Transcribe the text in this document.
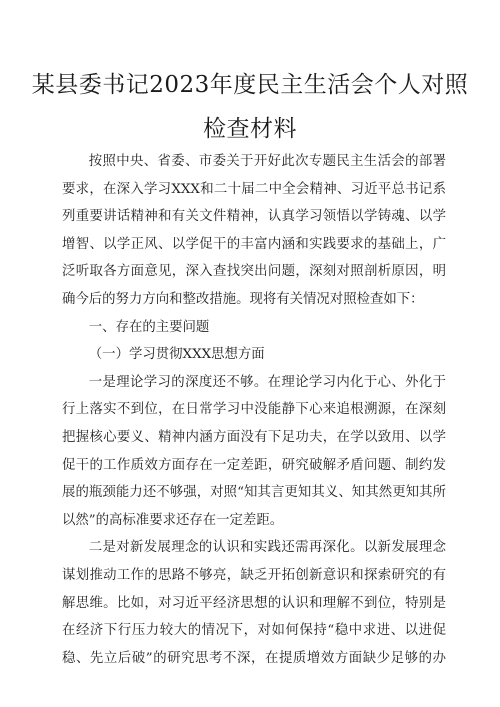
某县委书记2023年度民主生活会个人对照
检查材料

按照中央、省委、市委关于开好此次专题民主生活会的部署要求，在深入学习XXX和二十届二中全会精神、习近平总书记系列重要讲话精神和有关文件精神，认真学习领悟以学铸魂、以学增智、以学正风、以学促干的丰富内涵和实践要求的基础上，广泛听取各方面意见，深入查找突出问题，深刻对照剖析原因，明确今后的努力方向和整改措施。现将有关情况对照检查如下：

一、存在的主要问题

（一）学习贯彻XXX思想方面

一是理论学习的深度还不够。在理论学习内化于心、外化于行上落实不到位，在日常学习中没能静下心来追根溯源，在深刻把握核心要义、精神内涵方面没有下足功夫，在学以致用、以学促干的工作质效方面存在一定差距，研究破解矛盾问题、制约发展的瓶颈能力还不够强，对照“知其言更知其义、知其然更知其所以然”的高标准要求还存在一定差距。

二是对新发展理念的认识和实践还需再深化。以新发展理念谋划推动工作的思路不够亮，缺乏开拓创新意识和探索研究的有解思维。比如，对习近平经济思想的认识和理解不到位，特别是在经济下行压力较大的情况下，对如何保持“稳中求进、以进促稳、先立后破”的研究思考不深，在提质增效方面缺少足够的办
